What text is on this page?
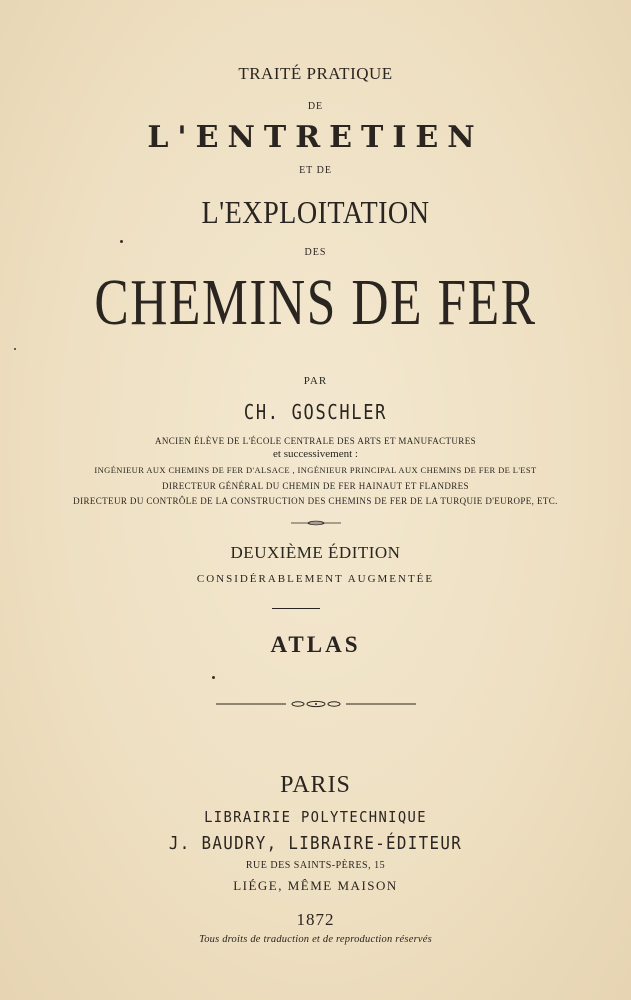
TRAITÉ PRATIQUE
DE
L'ENTRETIEN
ET DE
L'EXPLOITATION
DES
CHEMINS DE FER
PAR
CH. GOSCHLER
ANCIEN ÉLÈVE DE L'ÉCOLE CENTRALE DES ARTS ET MANUFACTURES
et successivement :
INGÉNIEUR AUX CHEMINS DE FER D'ALSACE , INGÉNIEUR PRINCIPAL AUX CHEMINS DE FER DE L'EST
DIRECTEUR GÉNÉRAL DU CHEMIN DE FER HAINAUT ET FLANDRES
DIRECTEUR DU CONTRÔLE DE LA CONSTRUCTION DES CHEMINS DE FER DE LA TURQUIE D'EUROPE, ETC.
DEUXIÈME ÉDITION
CONSIDÉRABLEMENT AUGMENTÉE
ATLAS
PARIS
LIBRAIRIE POLYTECHNIQUE
J. BAUDRY, LIBRAIRE-ÉDITEUR
RUE DES SAINTS-PÈRES, 15
LIÉGE, MÊME MAISON
1872
Tous droits de traduction et de reproduction réservés
